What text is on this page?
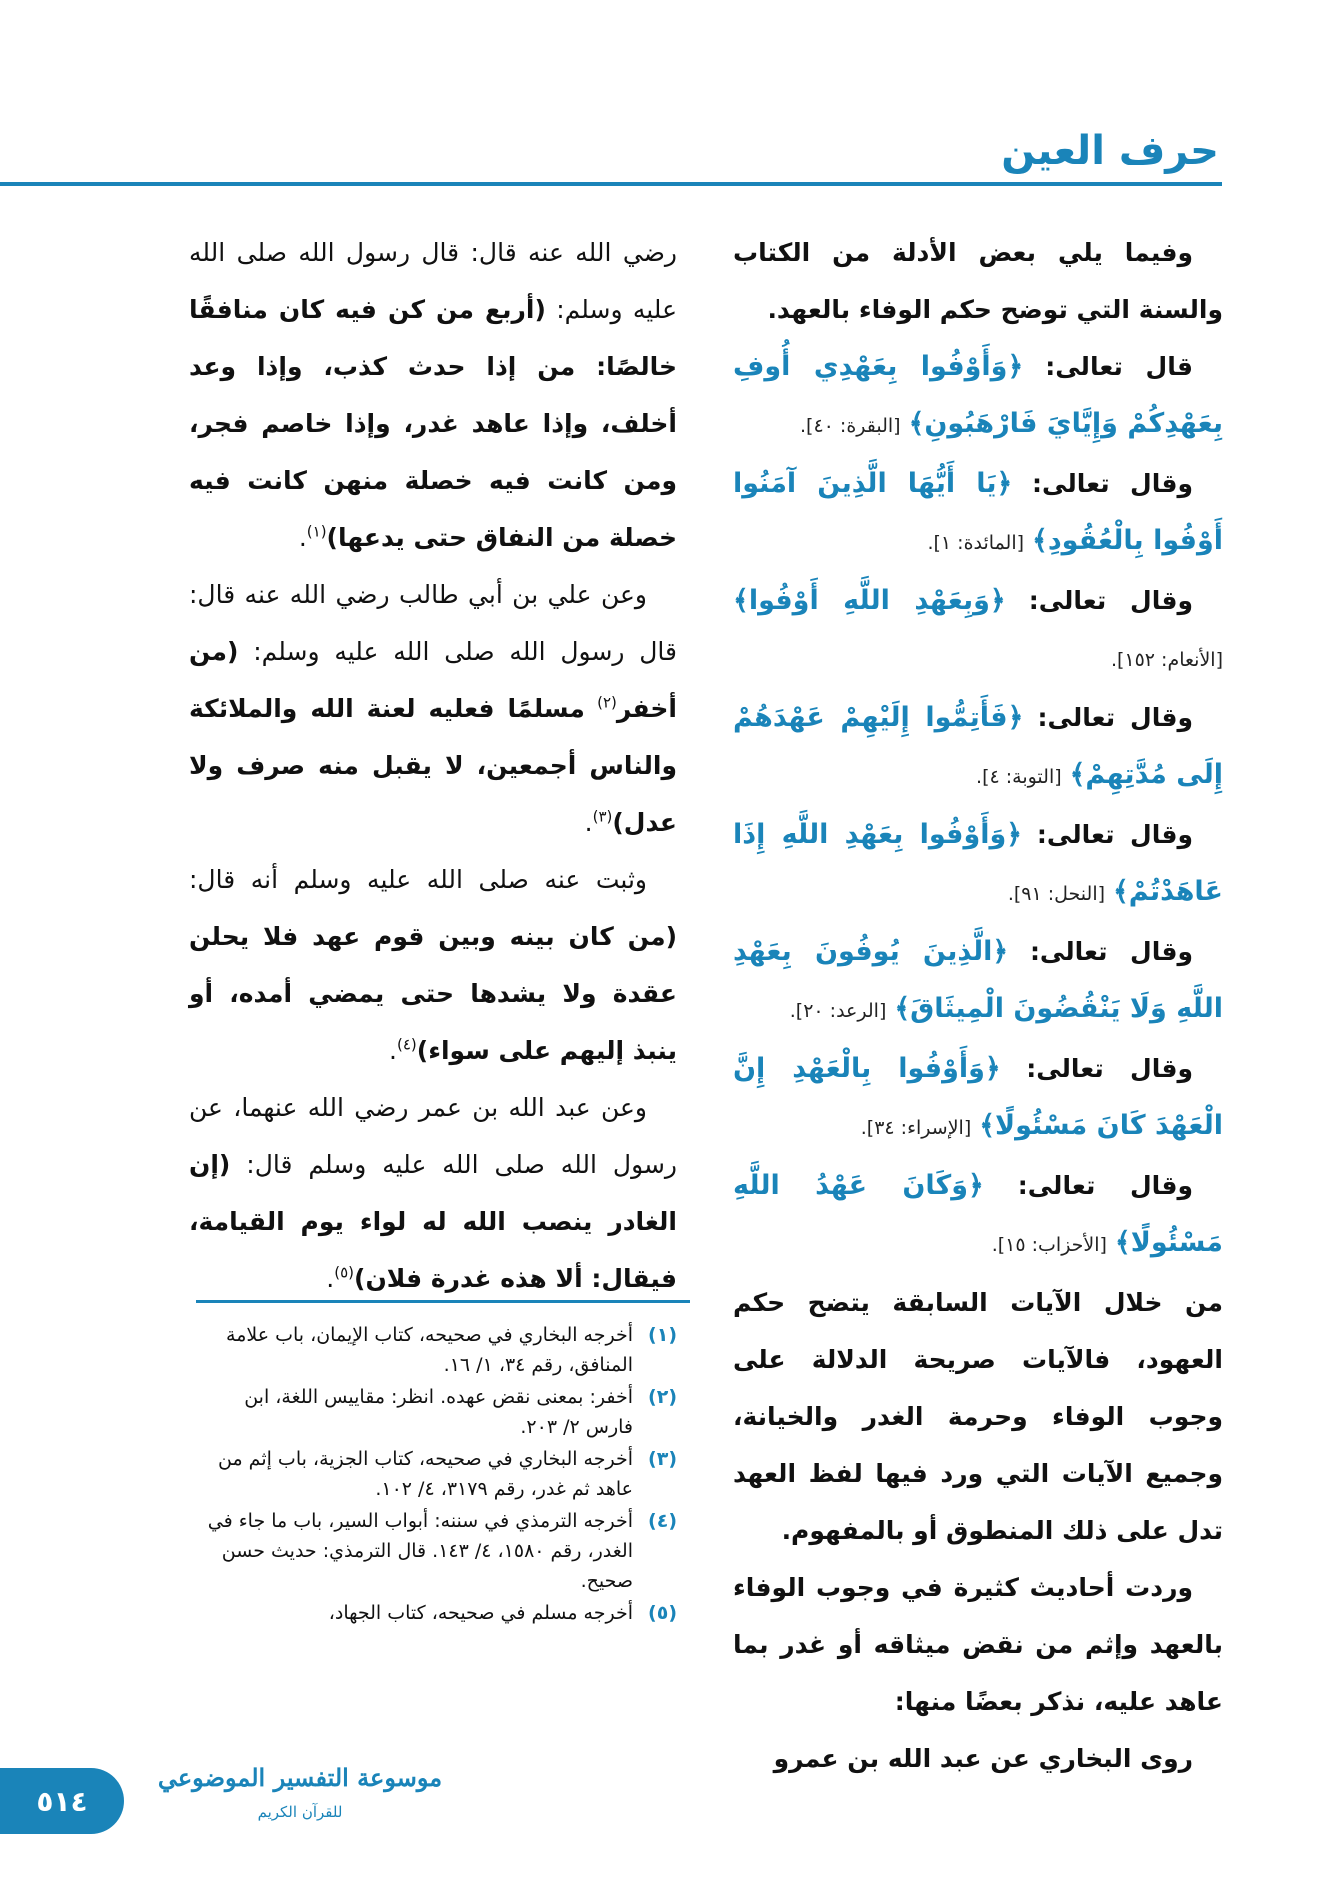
حرف العين

وفيما يلي بعض الأدلة من الكتاب والسنة التي توضح حكم الوفاء بالعهد.

قال تعالى: ﴿وَأَوْفُوا بِعَهْدِي أُوفِ بِعَهْدِكُمْ وَإِيَّايَ فَارْهَبُونِ﴾ [البقرة: ٤٠].

وقال تعالى: ﴿يَا أَيُّهَا الَّذِينَ آمَنُوا أَوْفُوا بِالْعُقُودِ﴾ [المائدة: ١].

وقال تعالى: ﴿وَبِعَهْدِ اللَّهِ أَوْفُوا﴾ [الأنعام: ١٥٢].

وقال تعالى: ﴿فَأَتِمُّوا إِلَيْهِمْ عَهْدَهُمْ إِلَى مُدَّتِهِمْ﴾ [التوبة: ٤].

وقال تعالى: ﴿وَأَوْفُوا بِعَهْدِ اللَّهِ إِذَا عَاهَدْتُمْ﴾ [النحل: ٩١].

وقال تعالى: ﴿الَّذِينَ يُوفُونَ بِعَهْدِ اللَّهِ وَلَا يَنْقُضُونَ الْمِيثَاقَ﴾ [الرعد: ٢٠].

وقال تعالى: ﴿وَأَوْفُوا بِالْعَهْدِ إِنَّ الْعَهْدَ كَانَ مَسْئُولًا﴾ [الإسراء: ٣٤].

وقال تعالى: ﴿وَكَانَ عَهْدُ اللَّهِ مَسْئُولًا﴾ [الأحزاب: ١٥].

من خلال الآيات السابقة يتضح حكم العهود، فالآيات صريحة الدلالة على وجوب الوفاء وحرمة الغدر والخيانة، وجميع الآيات التي ورد فيها لفظ العهد تدل على ذلك المنطوق أو بالمفهوم.

وردت أحاديث كثيرة في وجوب الوفاء بالعهد وإثم من نقض ميثاقه أو غدر بما عاهد عليه، نذكر بعضًا منها:

روى البخاري عن عبد الله بن عمرو

رضي الله عنه قال: قال رسول الله صلى الله عليه وسلم: (أربع من كن فيه كان منافقًا خالصًا: من إذا حدث كذب، وإذا وعد أخلف، وإذا عاهد غدر، وإذا خاصم فجر، ومن كانت فيه خصلة منهن كانت فيه خصلة من النفاق حتى يدعها)$^{(١)}$.

وعن علي بن أبي طالب رضي الله عنه قال: قال رسول الله صلى الله عليه وسلم: (من أخفر$^{(٢)}$ مسلمًا فعليه لعنة الله والملائكة والناس أجمعين، لا يقبل منه صرف ولا عدل)$^{(٣)}$.

وثبت عنه صلى الله عليه وسلم أنه قال: (من كان بينه وبين قوم عهد فلا يحلن عقدة ولا يشدها حتى يمضي أمده، أو ينبذ إليهم على سواء)$^{(٤)}$.

وعن عبد الله بن عمر رضي الله عنهما، عن رسول الله صلى الله عليه وسلم قال: (إن الغادر ينصب الله له لواء يوم القيامة، فيقال: ألا هذه غدرة فلان)$^{(٥)}$.

(١)
أخرجه البخاري في صحيحه، كتاب الإيمان، باب علامة المنافق، رقم ٣٤، ١/ ١٦.
(٢)
أخفر: بمعنى نقض عهده. انظر: مقاييس اللغة، ابن فارس ٢/ ٢٠٣.
(٣)
أخرجه البخاري في صحيحه، كتاب الجزية، باب إثم من عاهد ثم غدر، رقم ٣١٧٩، ٤/ ١٠٢.
(٤)
أخرجه الترمذي في سننه: أبواب السير، باب ما جاء في الغدر، رقم ١٥٨٠، ٤/ ١٤٣. قال الترمذي: حديث حسن صحيح.
(٥)
أخرجه مسلم في صحيحه، كتاب الجهاد،
٥١٤
موسوعة التفسير الموضوعي
للقرآن الكريم
